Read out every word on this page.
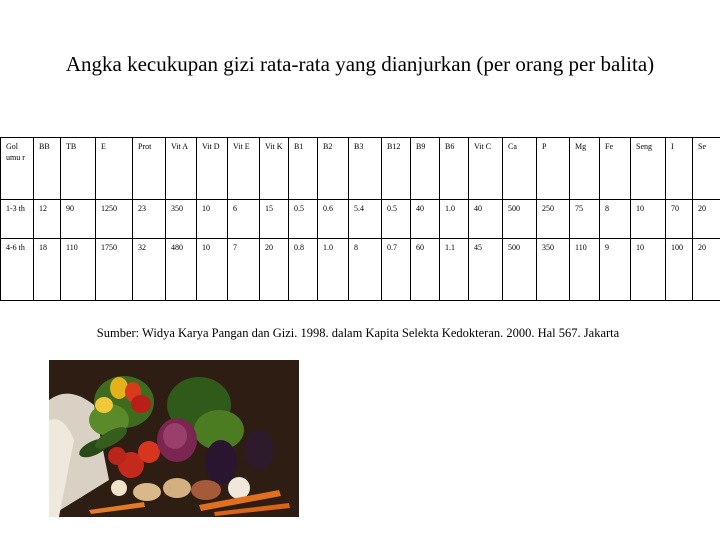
Angka kecukupan gizi rata-rata yang dianjurkan (per orang per balita)
Gol umu r	BB	TB	E	Prot	Vit A	Vit D	Vit E	Vit K	B1	B2	B3	B12	B9	B6	Vit C	Ca	P	Mg	Fe	Seng	I	Se
1-3 th	12	90	1250	23	350	10	6	15	0.5	0.6	5.4	0.5	40	1.0	40	500	250	75	8	10	70	20
4-6 th	18	110	1750	32	480	10	7	20	0.8	1.0	8	0.7	60	1.1	45	500	350	110	9	10	100	20
Sumber: Widya Karya Pangan dan Gizi. 1998. dalam Kapita Selekta Kedokteran. 2000. Hal 567. Jakarta
